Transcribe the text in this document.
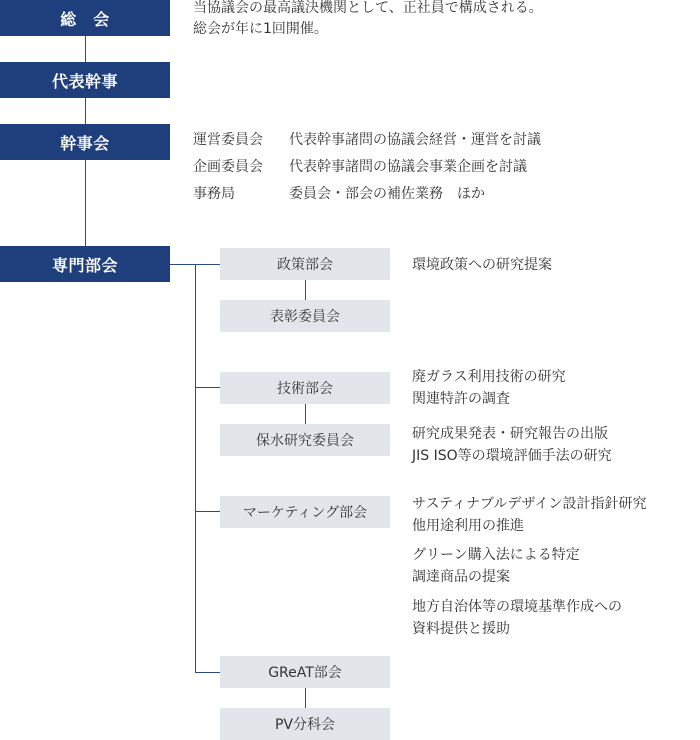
総　会
代表幹事
幹事会
専門部会
当協議会の最高議決機関として、正社員で構成される。
総会が年に1回開催。
運営委員会	代表幹事諸問の協議会経営・運営を討議
企画委員会	代表幹事諸問の協議会事業企画を討議
事務局	委員会・部会の補佐業務　ほか
政策部会
表彰委員会
技術部会
保水研究委員会
マーケティング部会
GReAT部会
PV分科会
環境政策への研究提案
廃ガラス利用技術の研究
関連特許の調査
研究成果発表・研究報告の出版
JIS ISO等の環境評価手法の研究
サスティナブルデザイン設計指針研究
他用途利用の推進
グリーン購入法による特定
調達商品の提案
地方自治体等の環境基準作成への
資料提供と援助
